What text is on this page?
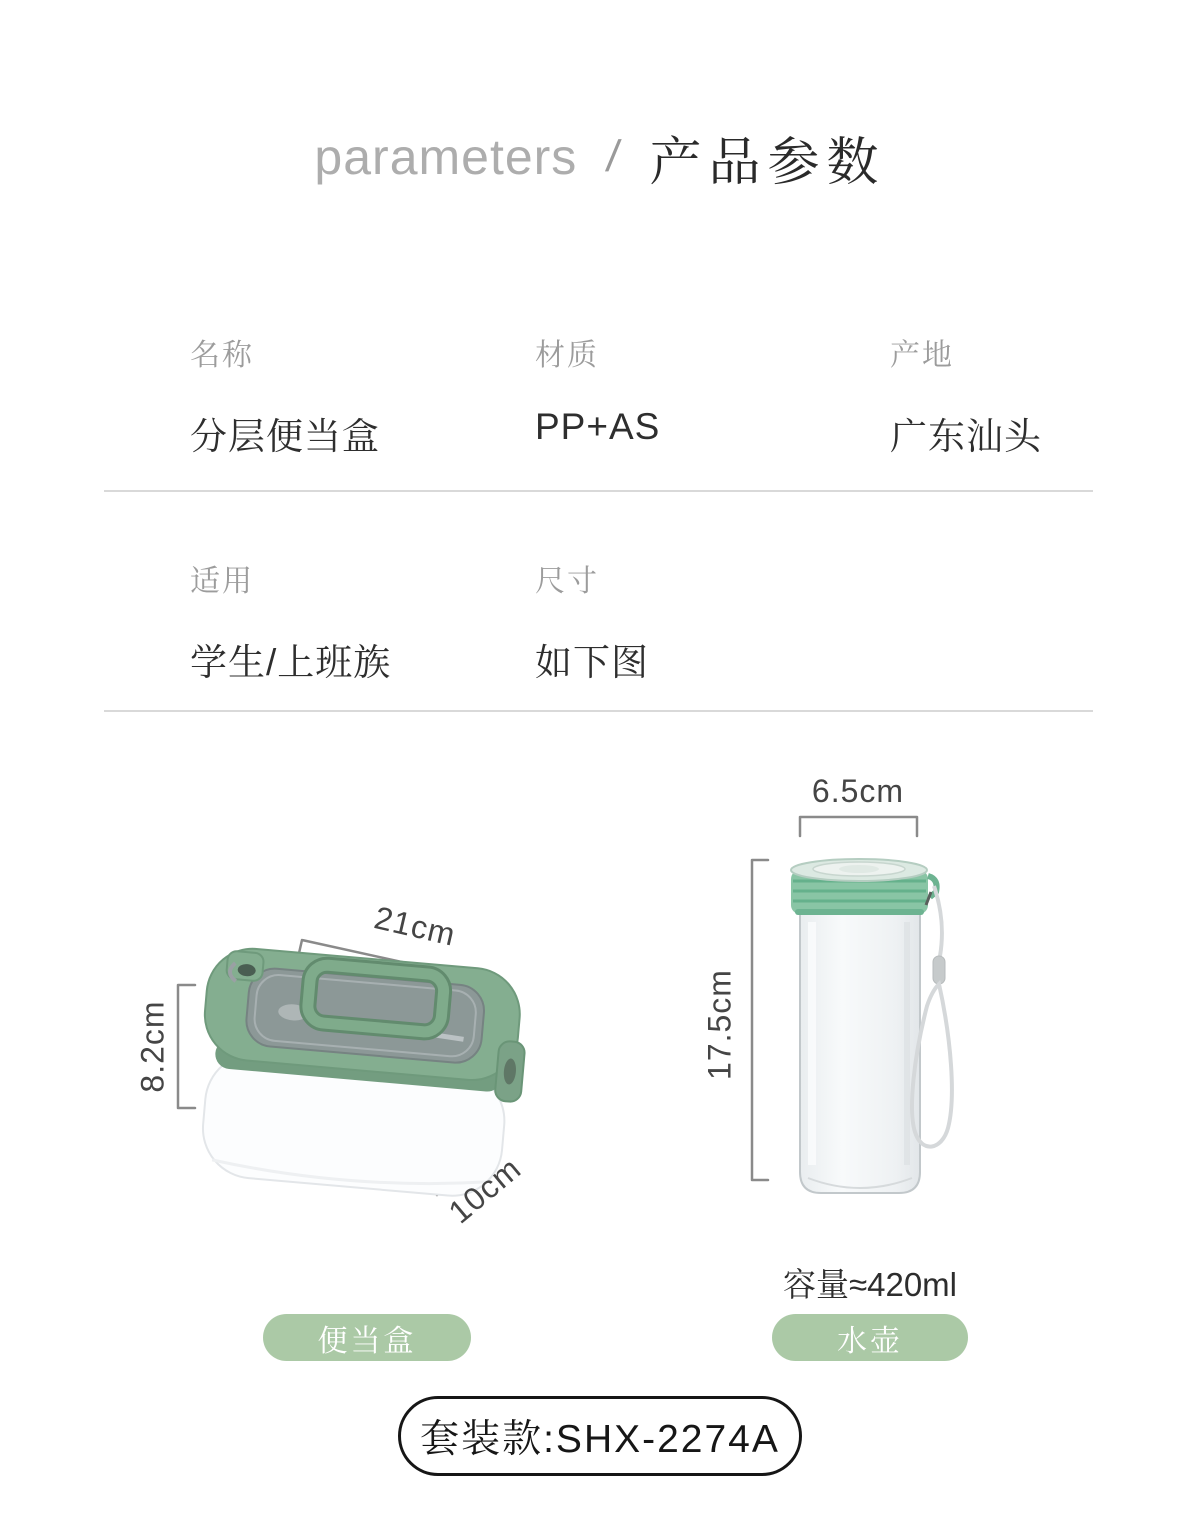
parameters / 产品参数
名称
分层便当盒
材质
PP+AS
产地
广东汕头
适用
学生/上班族
尺寸
如下图
21cm
8.2cm
10cm
6.5cm
17.5cm
容量≈420ml
便当盒	水壶
套装款:SHX-2274A
